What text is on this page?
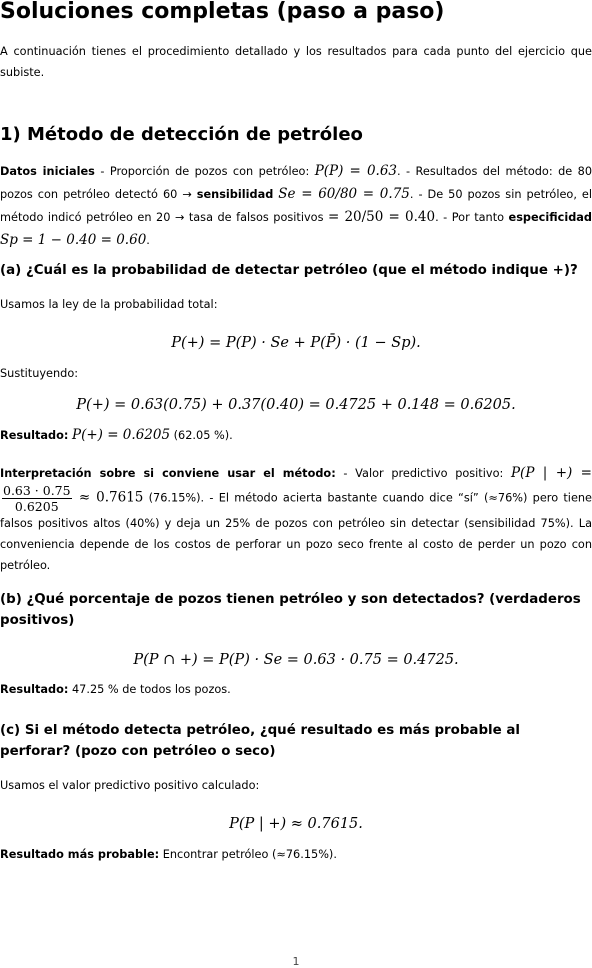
Soluciones completas (paso a paso)

A continuación tienes el procedimiento detallado y los resultados para cada punto del ejercicio que subiste.

1) Método de detección de petróleo

Datos iniciales - Proporción de pozos con petróleo: P(P) = 0.63. - Resultados del método: de 80 pozos con petróleo detectó 60 → sensibilidad Se = 60/80 = 0.75. - De 50 pozos sin petróleo, el método indicó petróleo en 20 → tasa de falsos positivos = 20/50 = 0.40. - Por tanto especificidad Sp = 1 − 0.40 = 0.60.

(a) ¿Cuál es la probabilidad de detectar petróleo (que el método indique +)?

Usamos la ley de la probabilidad total:

P(+) = P(P) · Se + P(P̄) · (1 − Sp).

Sustituyendo:

P(+) = 0.63(0.75) + 0.37(0.40) = 0.4725 + 0.148 = 0.6205.

Resultado: P(+) = 0.6205 (62.05 %).

Interpretación sobre si conviene usar el método: - Valor predictivo positivo: P(P | +) =
$\frac{0.63 \cdot 0.75}{0.6205} \approx 0.7615$ (76.15%). - El método acierta bastante cuando dice “sí” (≈76%) pero tiene falsos positivos altos (40%) y deja un 25% de pozos con petróleo sin detectar (sensibilidad 75%). La conveniencia depende de los costos de perforar un pozo seco frente al costo de perder un pozo con petróleo.

(b) ¿Qué porcentaje de pozos tienen petróleo y son detectados? (verdaderos positivos)
P(P ∩ +) = P(P) · Se = 0.63 · 0.75 = 0.4725.

Resultado: 47.25 % de todos los pozos.

(c) Si el método detecta petróleo, ¿qué resultado es más probable al perforar? (pozo con petróleo o seco)

Usamos el valor predictivo positivo calculado:

P(P | +) ≈ 0.7615.

Resultado más probable: Encontrar petróleo (≈76.15%).

1
